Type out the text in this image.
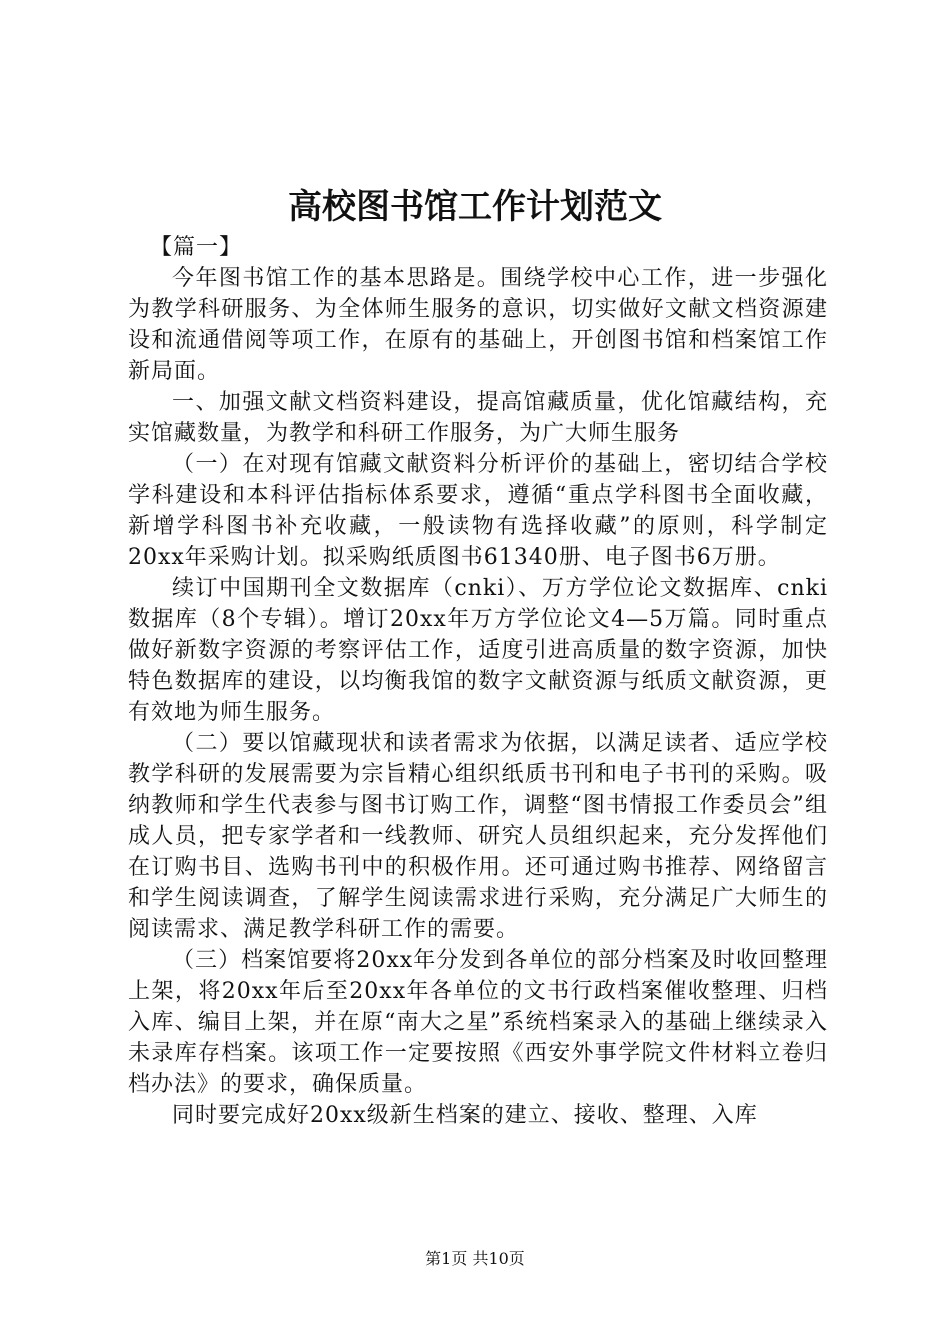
高校图书馆工作计划范文

【篇一】

今年图书馆工作的基本思路是。围绕学校中心工作，进一步强化为教学科研服务、为全体师生服务的意识，切实做好文献文档资源建设和流通借阅等项工作，在原有的基础上，开创图书馆和档案馆工作新局面。

一、加强文献文档资料建设，提高馆藏质量，优化馆藏结构，充实馆藏数量，为教学和科研工作服务，为广大师生服务

（一）在对现有馆藏文献资料分析评价的基础上，密切结合学校学科建设和本科评估指标体系要求，遵循“重点学科图书全面收藏，新增学科图书补充收藏，一般读物有选择收藏”的原则，科学制定20xx年采购计划。拟采购纸质图书61340册、电子图书6万册。

续订中国期刊全文数据库（cnki）、万方学位论文数据库、cnki数据库（8个专辑）。增订20xx年万方学位论文4—5万篇。同时重点做好新数字资源的考察评估工作，适度引进高质量的数字资源，加快特色数据库的建设，以均衡我馆的数字文献资源与纸质文献资源，更有效地为师生服务。

（二）要以馆藏现状和读者需求为依据，以满足读者、适应学校教学科研的发展需要为宗旨精心组织纸质书刊和电子书刊的采购。吸纳教师和学生代表参与图书订购工作，调整“图书情报工作委员会”组成人员，把专家学者和一线教师、研究人员组织起来，充分发挥他们在订购书目、选购书刊中的积极作用。还可通过购书推荐、网络留言和学生阅读调查，了解学生阅读需求进行采购，充分满足广大师生的阅读需求、满足教学科研工作的需要。

（三）档案馆要将20xx年分发到各单位的部分档案及时收回整理上架，将20xx年后至20xx年各单位的文书行政档案催收整理、归档入库、编目上架，并在原“南大之星”系统档案录入的基础上继续录入未录库存档案。该项工作一定要按照《西安外事学院文件材料立卷归档办法》的要求，确保质量。

同时要完成好20xx级新生档案的建立、接收、整理、入库

第1页 共10页
